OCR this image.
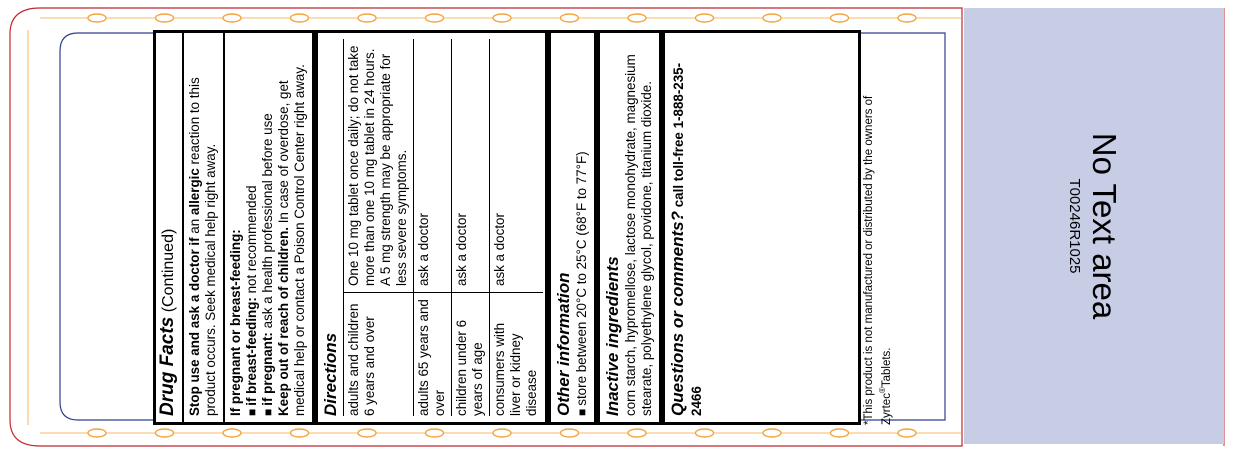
No Text area
T00246R1025
Drug Facts (Continued) Stop use and ask a doctor if an allergic reaction to this product occurs. Seek medical help right away. If pregnant or breast-feeding: ■ if breast-feeding: not recommended
■ if pregnant: ask a health professional before use Keep out of reach of children. In case of overdose, get medical help or contact a Poison Control Center right away. Directions adults and children 6 years and over	One 10 mg tablet once daily; do not take more than one 10 mg tablet in 24 hours. A 5 mg strength may be appropriate for less severe symptoms.
adults 65 years and over	ask a doctor
children under 6 years of age	ask a doctor
consumers with liver or kidney disease	ask a doctor
Other information ■ store between 20°C to 25°C (68°F to 77°F) Inactive ingredients corn starch, hypromellose, lactose monohydrate, magnesium stearate, polyethylene glycol, povidone, titanium dioxide. Questions or comments? call toll-free 1-888-235-2466
*This product is not manufactured or distributed by the owners of Zyrtec®Tablets.
